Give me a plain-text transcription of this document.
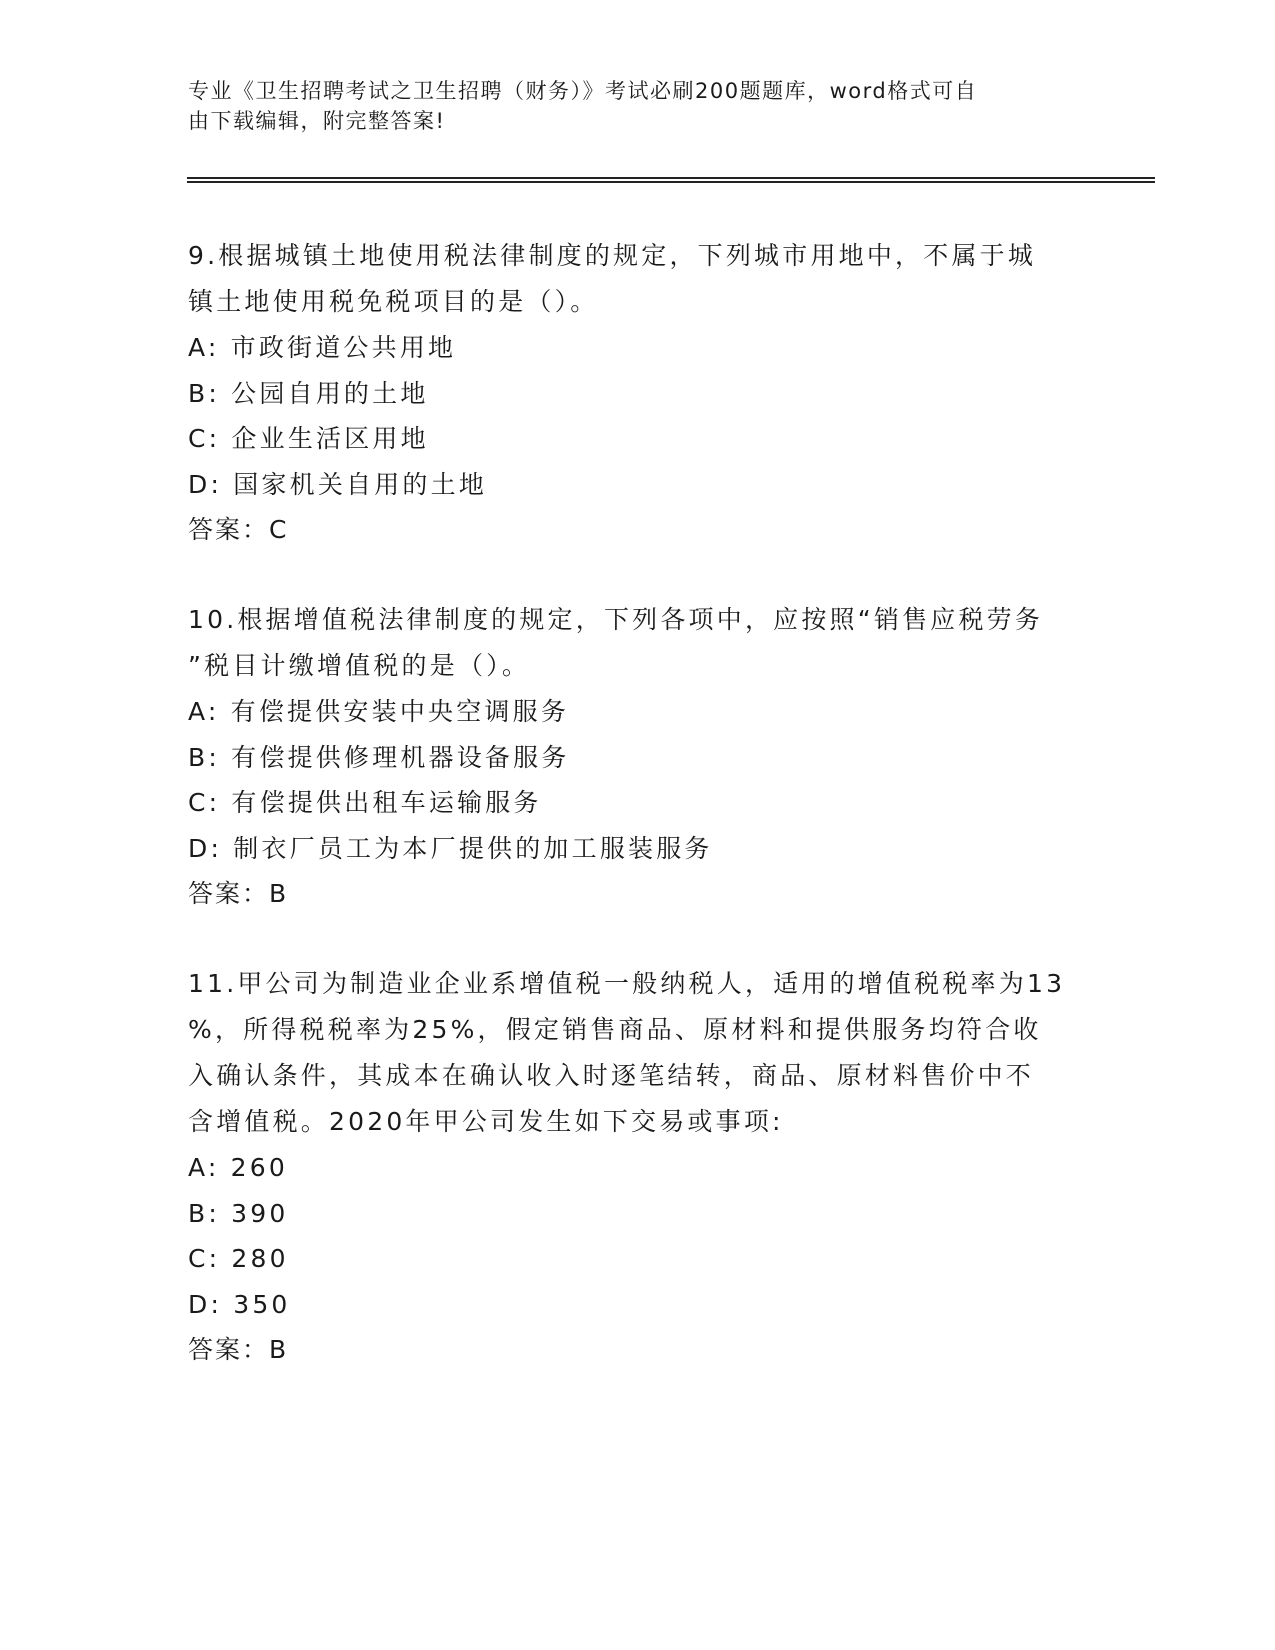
专业《卫生招聘考试之卫生招聘（财务）》考试必刷200题题库，word格式可自

由下载编辑，附完整答案!

9.根据城镇土地使用税法律制度的规定，下列城市用地中，不属于城

镇土地使用税免税项目的是（）。

A: 市政街道公共用地

B: 公园自用的土地

C: 企业生活区用地

D: 国家机关自用的土地

答案：C

10.根据增值税法律制度的规定，下列各项中，应按照“销售应税劳务

”税目计缴增值税的是（）。

A: 有偿提供安装中央空调服务

B: 有偿提供修理机器设备服务

C: 有偿提供出租车运输服务

D: 制衣厂员工为本厂提供的加工服装服务

答案：B

11.甲公司为制造业企业系增值税一般纳税人，适用的增值税税率为13

%，所得税税率为25%，假定销售商品、原材料和提供服务均符合收

入确认条件，其成本在确认收入时逐笔结转，商品、原材料售价中不

含增值税。2020年甲公司发生如下交易或事项:

A: 260

B: 390

C: 280

D: 350

答案：B
